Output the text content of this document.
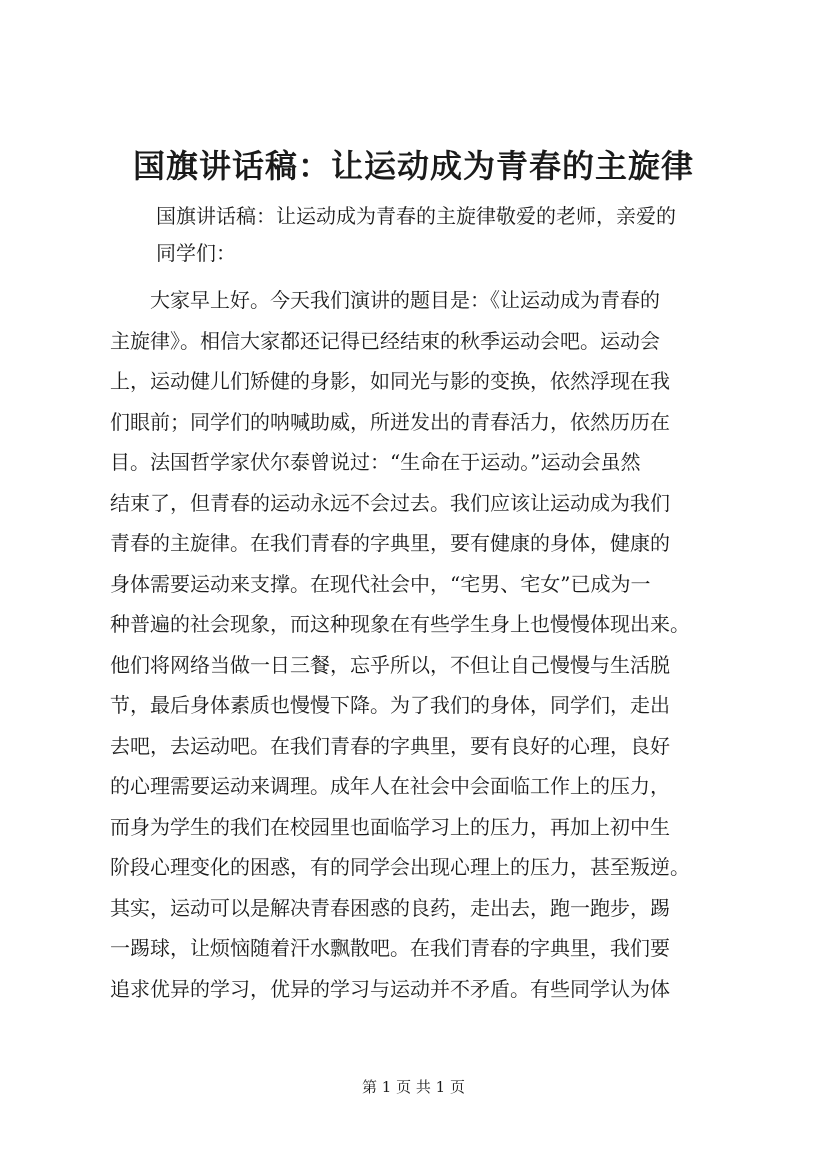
国旗讲话稿：让运动成为青春的主旋律
国旗讲话稿：让运动成为青春的主旋律敬爱的老师，亲爱的
同学们：
大家早上好。今天我们演讲的题目是：《让运动成为青春的
主旋律》。相信大家都还记得已经结束的秋季运动会吧。运动会
上，运动健儿们矫健的身影，如同光与影的变换，依然浮现在我
们眼前；同学们的呐喊助威，所迸发出的青春活力，依然历历在
目。法国哲学家伏尔泰曾说过：“生命在于运动。”运动会虽然
结束了，但青春的运动永远不会过去。我们应该让运动成为我们
青春的主旋律。在我们青春的字典里，要有健康的身体，健康的
身体需要运动来支撑。在现代社会中，“宅男、宅女”已成为一
种普遍的社会现象，而这种现象在有些学生身上也慢慢体现出来。
他们将网络当做一日三餐，忘乎所以，不但让自己慢慢与生活脱
节，最后身体素质也慢慢下降。为了我们的身体，同学们，走出
去吧，去运动吧。在我们青春的字典里，要有良好的心理，良好
的心理需要运动来调理。成年人在社会中会面临工作上的压力，
而身为学生的我们在校园里也面临学习上的压力，再加上初中生
阶段心理变化的困惑，有的同学会出现心理上的压力，甚至叛逆。
其实，运动可以是解决青春困惑的良药，走出去，跑一跑步，踢
一踢球，让烦恼随着汗水飘散吧。在我们青春的字典里，我们要
追求优异的学习，优异的学习与运动并不矛盾。有些同学认为体
第 1 页 共 1 页
